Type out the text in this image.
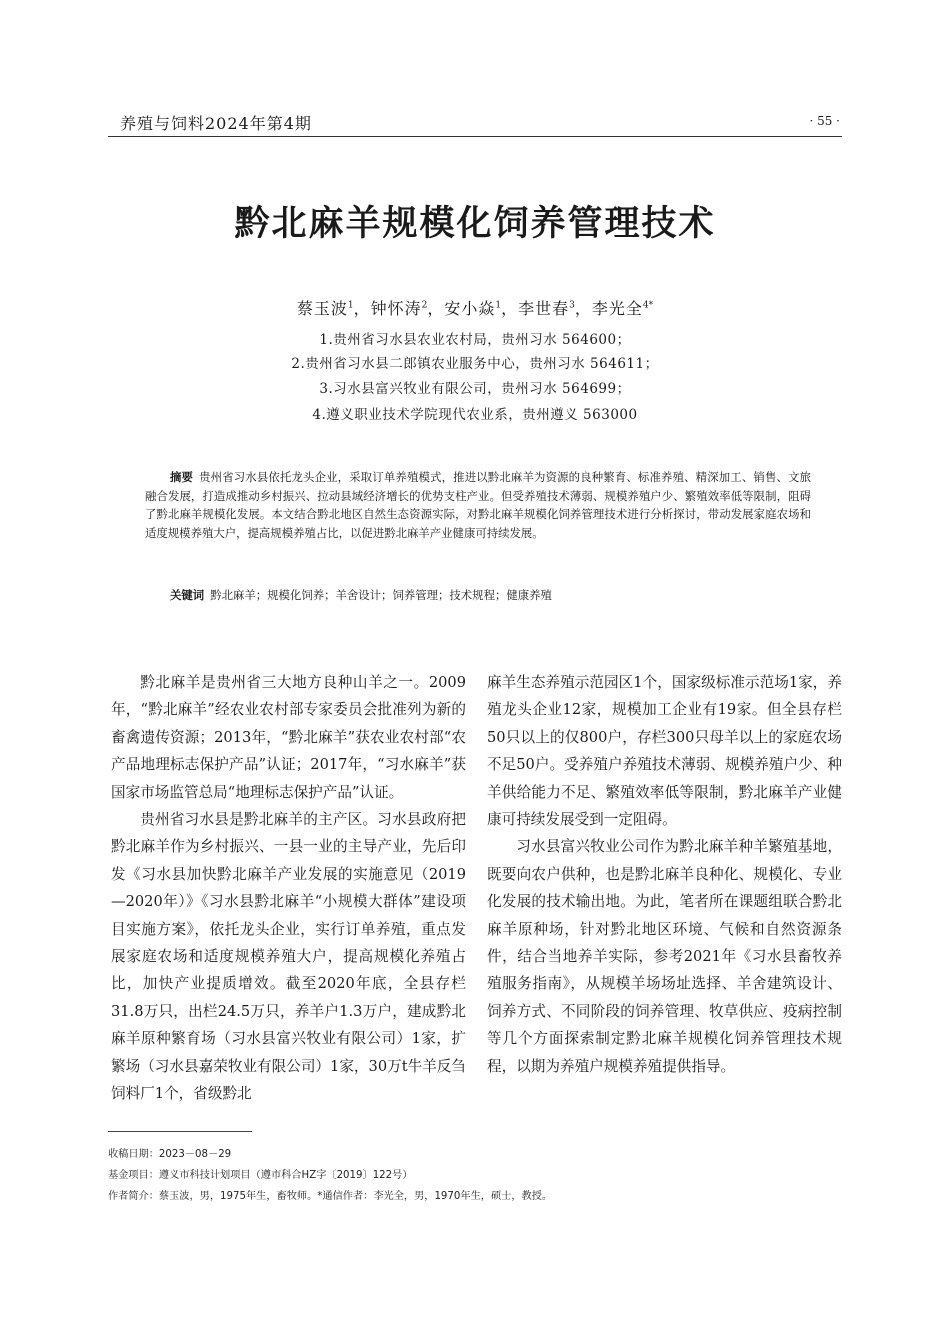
养殖与饲料2024年第4期	· 55 ·
黔北麻羊规模化饲养管理技术
蔡玉波$^1$，钟怀涛$^2$，安小焱$^1$，李世春$^3$，李光全$^{4*}$
1.贵州省习水县农业农村局，贵州习水 564600；
2.贵州省习水县二郎镇农业服务中心，贵州习水 564611；
3.习水县富兴牧业有限公司，贵州习水 564699；
4.遵义职业技术学院现代农业系，贵州遵义 563000
摘要 贵州省习水县依托龙头企业，采取订单养殖模式，推进以黔北麻羊为资源的良种繁育、标准养殖、精深加工、销售、文旅融合发展，打造成推动乡村振兴、拉动县域经济增长的优势支柱产业。但受养殖技术薄弱、规模养殖户少、繁殖效率低等限制，阻碍了黔北麻羊规模化发展。本文结合黔北地区自然生态资源实际，对黔北麻羊规模化饲养管理技术进行分析探讨，带动发展家庭农场和适度规模养殖大户，提高规模养殖占比，以促进黔北麻羊产业健康可持续发展。
关键词 黔北麻羊；规模化饲养；羊舍设计；饲养管理；技术规程；健康养殖

黔北麻羊是贵州省三大地方良种山羊之一。2009年，“黔北麻羊”经农业农村部专家委员会批准列为新的畜禽遗传资源；2013年，“黔北麻羊”获农业农村部“农产品地理标志保护产品”认证；2017年，“习水麻羊”获国家市场监管总局“地理标志保护产品”认证。

贵州省习水县是黔北麻羊的主产区。习水县政府把黔北麻羊作为乡村振兴、一县一业的主导产业，先后印发《习水县加快黔北麻羊产业发展的实施意见（2019—2020年）》《习水县黔北麻羊“小规模大群体”建设项目实施方案》，依托龙头企业，实行订单养殖，重点发展家庭农场和适度规模养殖大户，提高规模化养殖占比，加快产业提质增效。截至2020年底，全县存栏31.8万只，出栏24.5万只，养羊户1.3万户，建成黔北麻羊原种繁育场（习水县富兴牧业有限公司）1家，扩繁场（习水县嘉荣牧业有限公司）1家，30万t牛羊反刍饲料厂1个，省级黔北

麻羊生态养殖示范园区1个，国家级标准示范场1家，养殖龙头企业12家，规模加工企业有19家。但全县存栏50只以上的仅800户，存栏300只母羊以上的家庭农场不足50户。受养殖户养殖技术薄弱、规模养殖户少、种羊供给能力不足、繁殖效率低等限制，黔北麻羊产业健康可持续发展受到一定阻碍。

习水县富兴牧业公司作为黔北麻羊种羊繁殖基地，既要向农户供种，也是黔北麻羊良种化、规模化、专业化发展的技术输出地。为此，笔者所在课题组联合黔北麻羊原种场，针对黔北地区环境、气候和自然资源条件，结合当地养羊实际，参考2021年《习水县畜牧养殖服务指南》，从规模羊场场址选择、羊舍建筑设计、饲养方式、不同阶段的饲养管理、牧草供应、疫病控制等几个方面探索制定黔北麻羊规模化饲养管理技术规程，以期为养殖户规模养殖提供指导。

收稿日期：2023－08－29
基金项目：遵义市科技计划项目（遵市科合HZ字〔2019〕122号）
作者简介：蔡玉波，男，1975年生，畜牧师。*通信作者：李光全，男，1970年生，硕士，教授。
